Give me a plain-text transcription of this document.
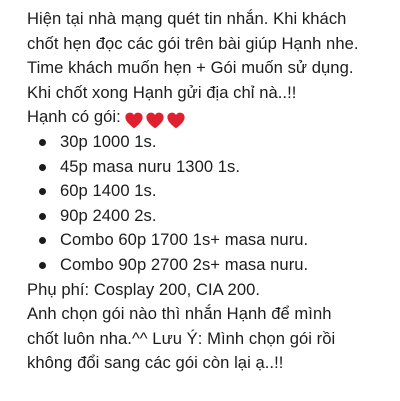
Hiện tại nhà mạng quét tin nhắn. Khi khách
chốt hẹn đọc các gói trên bài giúp Hạnh nhe.
Time khách muốn hẹn + Gói muốn sử dụng.
Khi chốt xong Hạnh gửi địa chỉ nà..!!
Hạnh có gói:
30p 1000 1s.
45p masa nuru 1300 1s.
60p 1400 1s.
90p 2400 2s.
Combo 60p 1700 1s+ masa nuru.
Combo 90p 2700 2s+ masa nuru.
Phụ phí: Cosplay 200, CIA 200.
Anh chọn gói nào thì nhắn Hạnh để mình
chốt luôn nha.^^ Lưu Ý: Mình chọn gói rồi
không đổi sang các gói còn lại ạ..!!
